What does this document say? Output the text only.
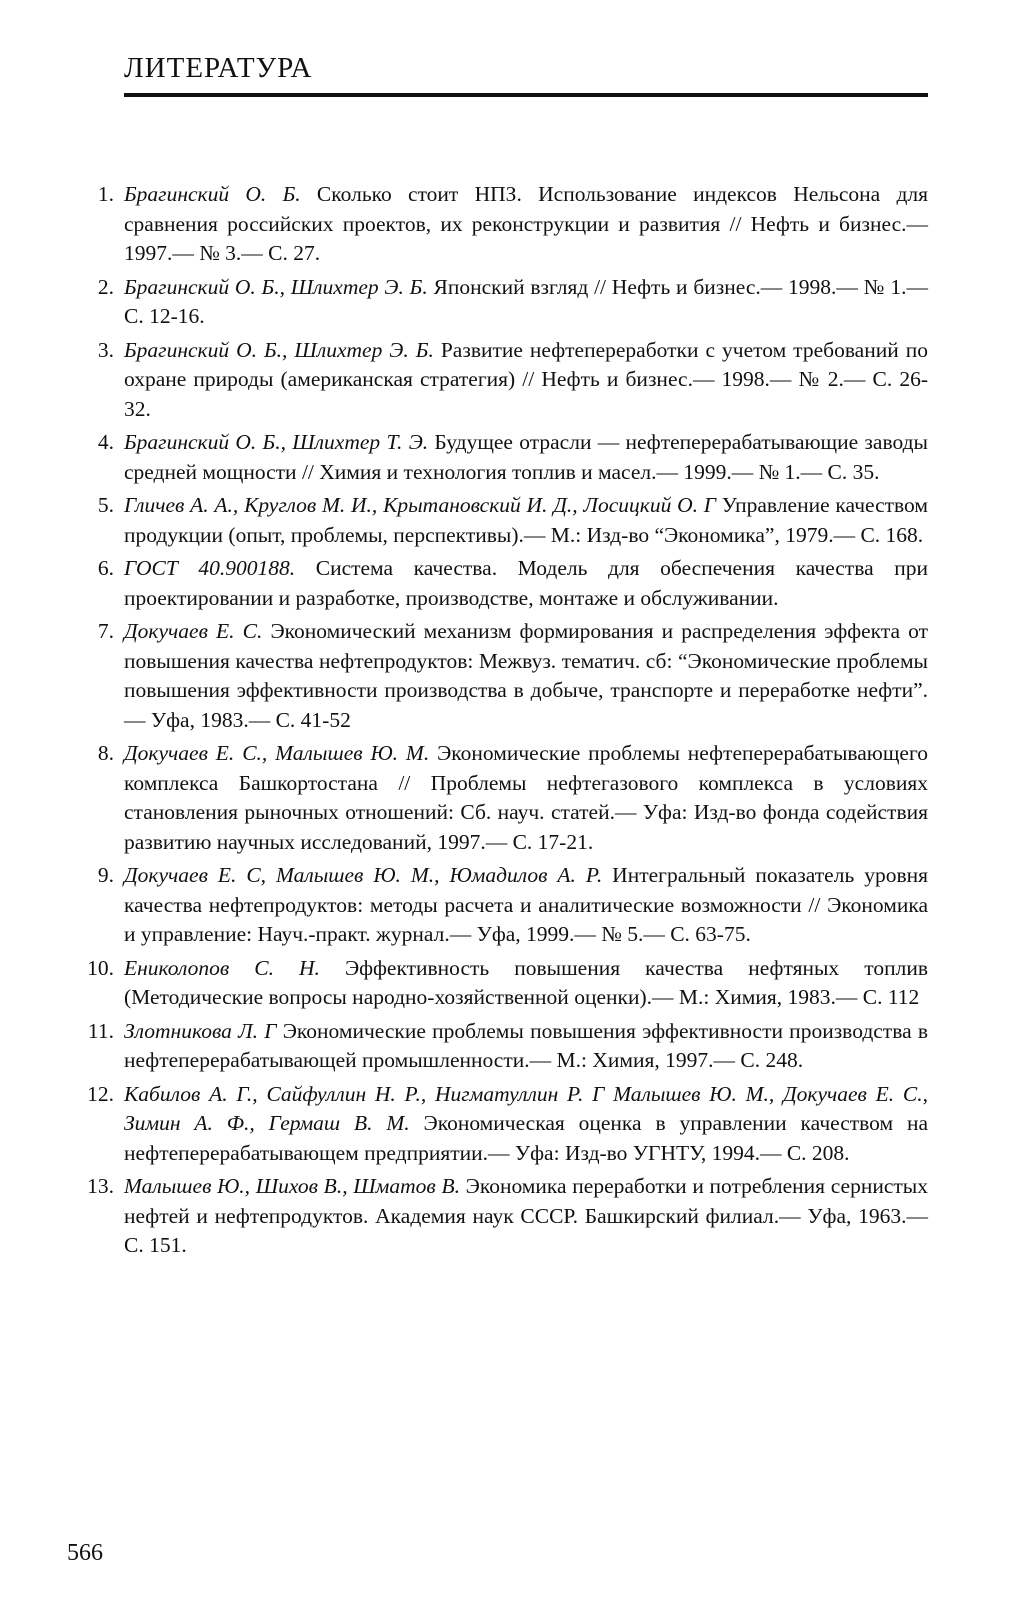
ЛИТЕРАТУРА
1. Брагинский О. Б. Сколько стоит НПЗ. Использование индексов Нельсона для сравнения российских проектов, их реконструкции и развития // Нефть и бизнес.— 1997.— № 3.— С. 27.
2. Брагинский О. Б., Шлихтер Э. Б. Японский взгляд // Нефть и бизнес.— 1998.— № 1.— С. 12-16.
3. Брагинский О. Б., Шлихтер Э. Б. Развитие нефтепереработки с учетом требований по охране природы (американская стратегия) // Нефть и бизнес.— 1998.— № 2.— С. 26-32.
4. Брагинский О. Б., Шлихтер Т. Э. Будущее отрасли — нефтеперерабатывающие заводы средней мощности // Химия и технология топлив и масел.— 1999.— № 1.— С. 35.
5. Гличев А. А., Круглов М. И., Крытановский И. Д., Лосицкий О. Г Управление качеством продукции (опыт, проблемы, перспективы).— М.: Изд-во “Экономика”, 1979.— С. 168.
6. ГОСТ 40.900188. Система качества. Модель для обеспечения качества при проектировании и разработке, производстве, монтаже и обслуживании.
7. Докучаев Е. С. Экономический механизм формирования и распределения эффекта от повышения качества нефтепродуктов: Межвуз. тематич. сб: “Экономические проблемы повышения эффективности производства в добыче, транспорте и переработке нефти”.— Уфа, 1983.— С. 41-52
8. Докучаев Е. С., Малышев Ю. М. Экономические проблемы нефтеперерабатывающего комплекса Башкортостана // Проблемы нефтегазового комплекса в условиях становления рыночных отношений: Сб. науч. статей.— Уфа: Изд-во фонда содействия развитию научных исследований, 1997.— С. 17-21.
9. Докучаев Е. С, Малышев Ю. М., Юмадилов А. Р. Интегральный показатель уровня качества нефтепродуктов: методы расчета и аналитические возможности // Экономика и управление: Науч.-практ. журнал.— Уфа, 1999.— № 5.— С. 63-75.
10. Ениколопов С. Н. Эффективность повышения качества нефтяных топлив (Методические вопросы народно-хозяйственной оценки).— М.: Химия, 1983.— С. 112
11. Злотникова Л. Г Экономические проблемы повышения эффективности производства в нефтеперерабатывающей промышленности.— М.: Химия, 1997.— С. 248.
12. Кабилов А. Г., Сайфуллин Н. Р., Нигматуллин Р. Г Малышев Ю. М., Докучаев Е. С., Зимин А. Ф., Гермаш В. М. Экономическая оценка в управлении качеством на нефтеперерабатывающем предприятии.— Уфа: Изд-во УГНТУ, 1994.— С. 208.
13. Малышев Ю., Шихов В., Шматов В. Экономика переработки и потребления сернистых нефтей и нефтепродуктов. Академия наук СССР. Башкирский филиал.— Уфа, 1963.— С. 151.
566
